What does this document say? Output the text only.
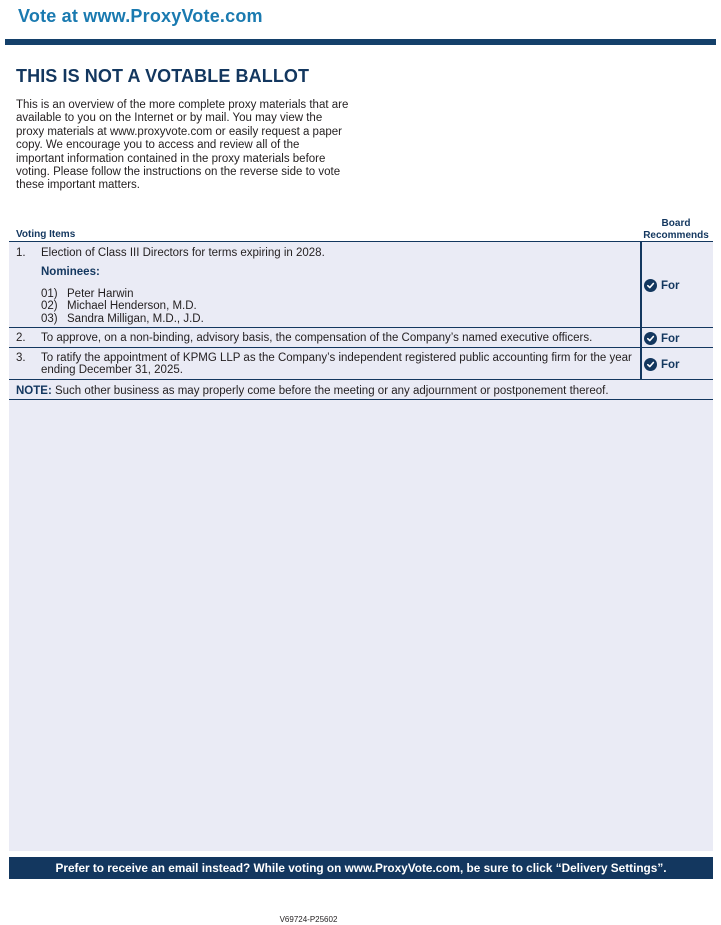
Vote at www.ProxyVote.com
THIS IS NOT A VOTABLE BALLOT
This is an overview of the more complete proxy materials that are available to you on the Internet or by mail. You may view the proxy materials at www.proxyvote.com or easily request a paper copy. We encourage you to access and review all of the important information contained in the proxy materials before voting. Please follow the instructions on the reverse side to vote these important matters.
Voting Items
Board
Recommends
1. Election of Class III Directors for terms expiring in 2028.
Nominees:
01) Peter Harwin
02) Michael Henderson, M.D.
03) Sandra Milligan, M.D., J.D.
For
2. To approve, on a non-binding, advisory basis, the compensation of the Company’s named executive officers.	For
3. To ratify the appointment of KPMG LLP as the Company’s independent registered public accounting firm for the year ending December 31, 2025.	For
NOTE: Such other business as may properly come before the meeting or any adjournment or postponement thereof.
Prefer to receive an email instead? While voting on www.ProxyVote.com, be sure to click “Delivery Settings”.
V69724-P25602
